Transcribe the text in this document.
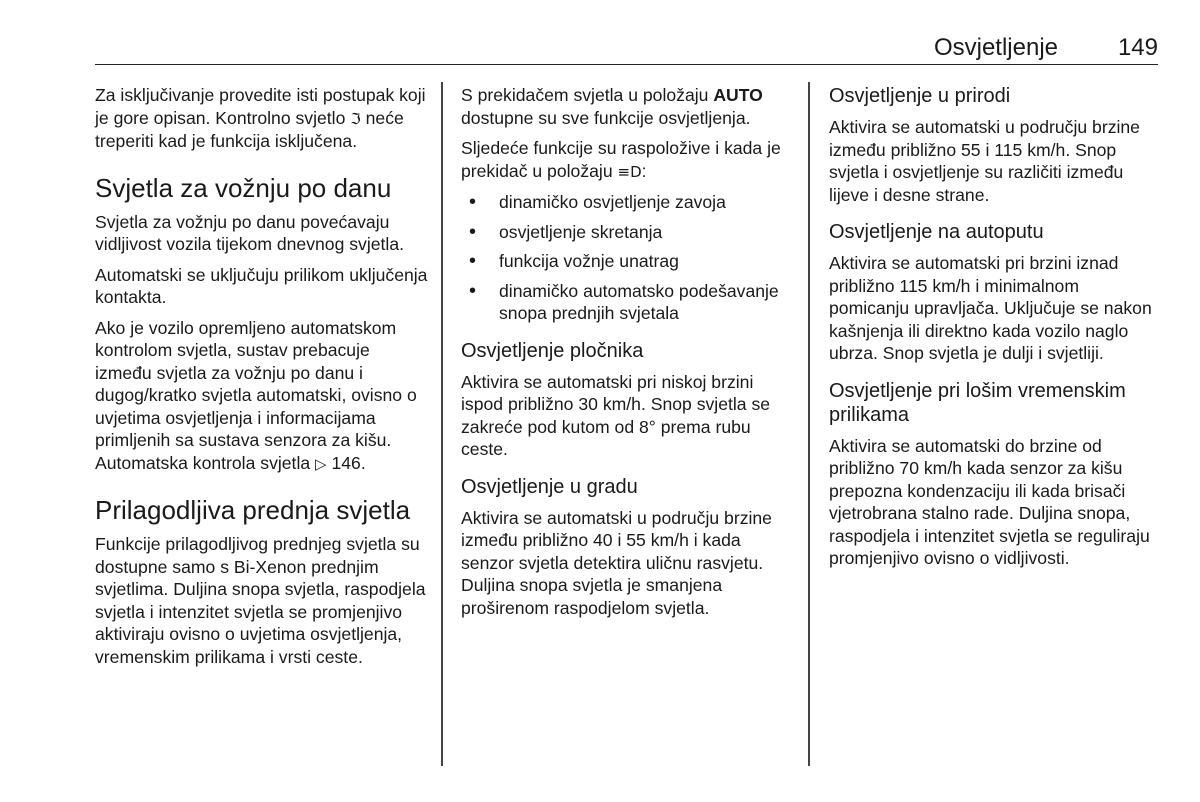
Osvjetljenje 149

Za isključivanje provedite isti postupak koji je gore opisan. Kontrolno svjetlo ℑ neće treperiti kad je funkcija isključena.

Svjetla za vožnju po danu

Svjetla za vožnju po danu povećavaju vidljivost vozila tijekom dnevnog svjetla.

Automatski se uključuju prilikom uključenja kontakta.

Ako je vozilo opremljeno automatskom kontrolom svjetla, sustav prebacuje između svjetla za vožnju po danu i dugog/kratko svjetla automatski, ovisno o uvjetima osvjetljenja i informacijama primljenih sa sustava senzora za kišu. Automatska kontrola svjetla ▷ 146.

Prilagodljiva prednja svjetla

Funkcije prilagodljivog prednjeg svjetla su dostupne samo s Bi-Xenon prednjim svjetlima. Duljina snopa svjetla, raspodjela svjetla i intenzitet svjetla se promjenjivo aktiviraju ovisno o uvjetima osvjetljenja, vremenskim prilikama i vrsti ceste.

S prekidačem svjetla u položaju AUTO dostupne su sve funkcije osvjetljenja.

Sljedeće funkcije su raspoložive i kada je prekidač u položaju ≡D:

• dinamičko osvjetljenje zavoja
• osvjetljenje skretanja
• funkcija vožnje unatrag
• dinamičko automatsko podešavanje snopa prednjih svjetala
Osvjetljenje pločnika

Aktivira se automatski pri niskoj brzini ispod približno 30 km/h. Snop svjetla se zakreće pod kutom od 8° prema rubu ceste.

Osvjetljenje u gradu

Aktivira se automatski u području brzine između približno 40 i 55 km/h i kada senzor svjetla detektira uličnu rasvjetu. Duljina snopa svjetla je smanjena proširenom raspodjelom svjetla.

Osvjetljenje u prirodi

Aktivira se automatski u području brzine između približno 55 i 115 km/h. Snop svjetla i osvjetljenje su različiti između lijeve i desne strane.

Osvjetljenje na autoputu

Aktivira se automatski pri brzini iznad približno 115 km/h i minimalnom pomicanju upravljača. Uključuje se nakon kašnjenja ili direktno kada vozilo naglo ubrza. Snop svjetla je dulji i svjetliji.

Osvjetljenje pri lošim vremenskim prilikama

Aktivira se automatski do brzine od približno 70 km/h kada senzor za kišu prepozna kondenzaciju ili kada brisači vjetrobrana stalno rade. Duljina snopa, raspodjela i intenzitet svjetla se reguliraju promjenjivo ovisno o vidljivosti.
